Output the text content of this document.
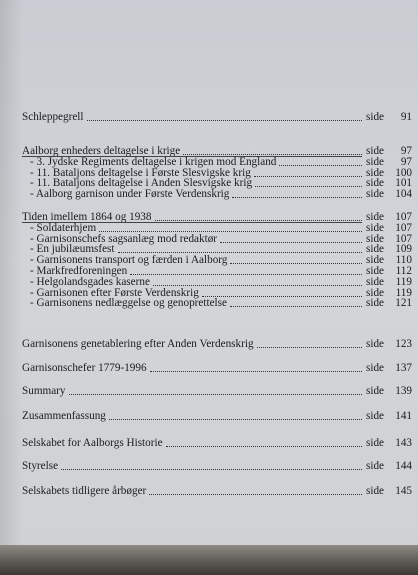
Schleppegrell	side	91
Aalborg enheders deltagelse i krige	side	97
- 3. Jydske Regiments deltagelse i krigen mod England	side	97
- 11. Bataljons deltagelse i Første Slesvigske krig	side 100
- 11. Bataljons deltagelse i Anden Slesvigske krig	side 101
- Aalborg garnison under Første Verdenskrig	side 104
Tiden imellem 1864 og 1938	side 107
- Soldaterhjem	side 107
- Garnisonschefs sagsanlæg mod redaktør	side 107
- En jubilæumsfest	side 109
- Garnisonens transport og færden i Aalborg	side	110
- Markfredforeningen	side	112
- Helgolandsgades kaserne	side	119
- Garnisonen efter Første Verdenskrig	side	119
- Garnisonens nedlæggelse og genoprettelse	side 121
Garnisonens genetablering efter Anden Verdenskrig	side 123
Garnisonschefer 1779-1996	side 137
Summary	side 139
Zusammenfassung	side 141
Selskabet for Aalborgs Historie	side 143
Styrelse	side 144
Selskabets tidligere årbøger	side 145
